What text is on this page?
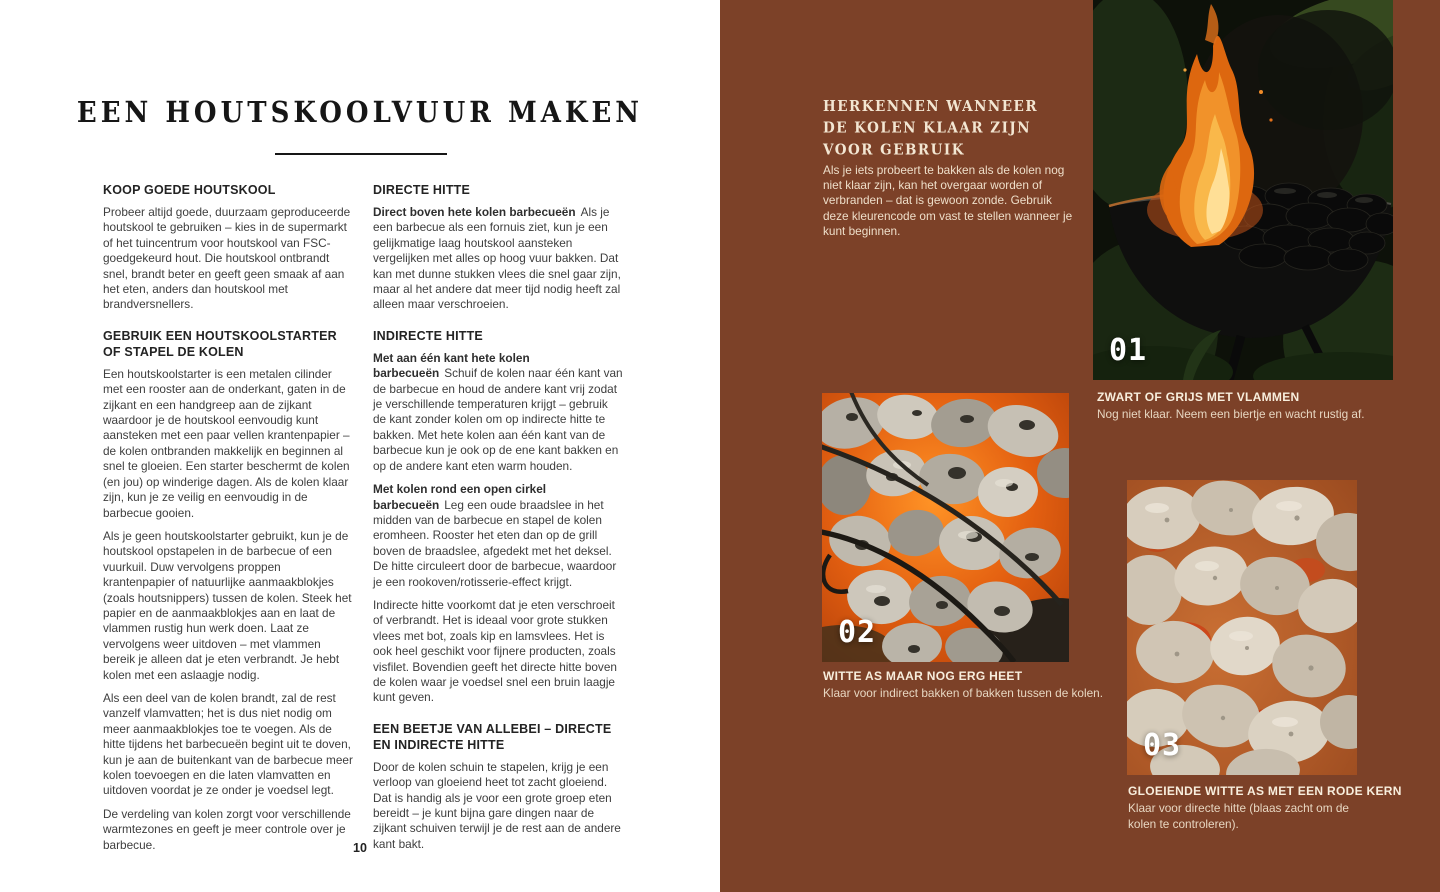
EEN HOUTSKOOLVUUR MAKEN
KOOP GOEDE HOUTSKOOL

Probeer altijd goede, duurzaam geproduceerde houtskool te gebruiken – kies in de supermarkt of het tuincentrum voor houtskool van FSC-goedgekeurd hout. Die houtskool ontbrandt snel, brandt beter en geeft geen smaak af aan het eten, anders dan houtskool met brandversnellers.

GEBRUIK EEN HOUTSKOOLSTARTER OF STAPEL DE KOLEN

Een houtskoolstarter is een metalen cilinder met een rooster aan de onderkant, gaten in de zijkant en een handgreep aan de zijkant waardoor je de houtskool eenvoudig kunt aansteken met een paar vellen krantenpapier – de kolen ontbranden makkelijk en beginnen al snel te gloeien. Een starter beschermt de kolen (en jou) op winderige dagen. Als de kolen klaar zijn, kun je ze veilig en eenvoudig in de barbecue gooien.

Als je geen houtskoolstarter gebruikt, kun je de houtskool opstapelen in de barbecue of een vuurkuil. Duw vervolgens proppen krantenpapier of natuurlijke aanmaakblokjes (zoals houtsnippers) tussen de kolen. Steek het papier en de aanmaakblokjes aan en laat de vlammen rustig hun werk doen. Laat ze vervolgens weer uitdoven – met vlammen bereik je alleen dat je eten verbrandt. Je hebt kolen met een aslaagje nodig.

Als een deel van de kolen brandt, zal de rest vanzelf vlamvatten; het is dus niet nodig om meer aanmaakblokjes toe te voegen. Als de hitte tijdens het barbecueën begint uit te doven, kun je aan de buitenkant van de barbecue meer kolen toevoegen en die laten vlamvatten en uitdoven voordat je ze onder je voedsel legt.

De verdeling van kolen zorgt voor verschillende warmtezones en geeft je meer controle over je barbecue.

DIRECTE HITTE

Direct boven hete kolen barbecueën Als je een barbecue als een fornuis ziet, kun je een gelijkmatige laag houtskool aansteken vergelijken met alles op hoog vuur bakken. Dat kan met dunne stukken vlees die snel gaar zijn, maar al het andere dat meer tijd nodig heeft zal alleen maar verschroeien.

INDIRECTE HITTE

Met aan één kant hete kolen barbecueën Schuif de kolen naar één kant van de barbecue en houd de andere kant vrij zodat je verschillende temperaturen krijgt – gebruik de kant zonder kolen om op indirecte hitte te bakken. Met hete kolen aan één kant van de barbecue kun je ook op de ene kant bakken en op de andere kant eten warm houden.

Met kolen rond een open cirkel barbecueën Leg een oude braadslee in het midden van de barbecue en stapel de kolen eromheen. Rooster het eten dan op de grill boven de braadslee, afgedekt met het deksel. De hitte circuleert door de barbecue, waardoor je een rookoven/rotisserie-effect krijgt.

Indirecte hitte voorkomt dat je eten verschroeit of verbrandt. Het is ideaal voor grote stukken vlees met bot, zoals kip en lamsvlees. Het is ook heel geschikt voor fijnere producten, zoals visfilet. Bovendien geeft het directe hitte boven de kolen waar je voedsel snel een bruin laagje kunt geven.

EEN BEETJE VAN ALLEBEI – DIRECTE EN INDIRECTE HITTE

Door de kolen schuin te stapelen, krijg je een verloop van gloeiend heet tot zacht gloeiend. Dat is handig als je voor een grote groep eten bereidt – je kunt bijna gare dingen naar de zijkant schuiven terwijl je de rest aan de andere kant bakt.

10
HERKENNEN WANNEER DE KOLEN KLAAR ZIJN VOOR GEBRUIK
Als je iets probeert te bakken als de kolen nog niet klaar zijn, kan het overgaar worden of verbranden – dat is gewoon zonde. Gebruik deze kleurencode om vast te stellen wanneer je kunt beginnen.
01
ZWART OF GRIJS MET VLAMMEN
Nog niet klaar. Neem een biertje en wacht rustig af.
02
WITTE AS MAAR NOG ERG HEET
Klaar voor indirect bakken of bakken tussen de kolen.
03
GLOEIENDE WITTE AS MET EEN RODE KERN
Klaar voor directe hitte (blaas zacht om de kolen te controleren).
